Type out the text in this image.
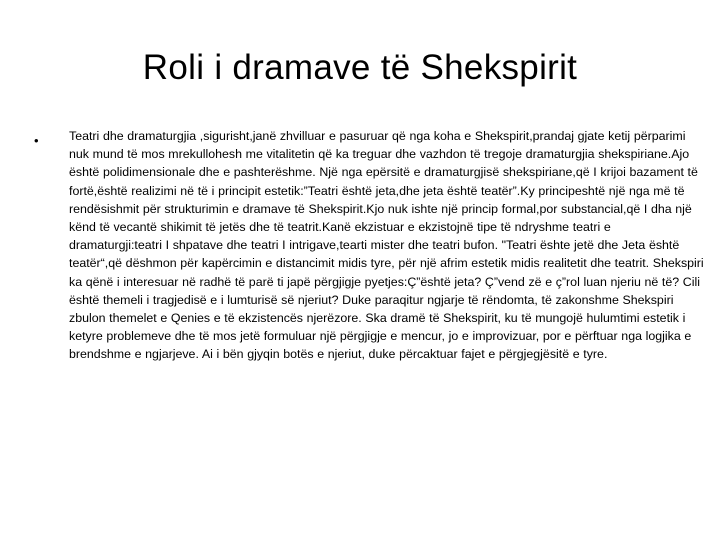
Roli i dramave të Shekspirit
• Teatri dhe dramaturgjia ,sigurisht,janë zhvilluar e pasuruar që nga koha e Shekspirit,prandaj gjate ketij përparimi nuk mund të mos mrekullohesh me vitalitetin që ka treguar dhe vazhdon të tregoje dramaturgjia shekspiriane.Ajo është polidimensionale dhe e pashterëshme. Një nga epërsitë e dramaturgjisë shekspiriane,që I krijoi bazament të fortë,është realizimi në të i principit estetik:”Teatri është jeta,dhe jeta është teatër”.Ky principeshtë një nga më të rendësishmit për strukturimin e dramave të Shekspirit.Kjo nuk ishte një princip formal,por substancial,që I dha një kënd të vecantë shikimit të jetës dhe të teatrit.Kanë ekzistuar e ekzistojnë tipe të ndryshme teatri e dramaturgji:teatri I shpatave dhe teatri I intrigave,tearti mister dhe teatri bufon. "Teatri ështe jetë dhe Jeta është teatër“,që dëshmon për kapërcimin e distancimit midis tyre, për një afrim estetik midis realitetit dhe teatrit. Shekspiri ka qënë i interesuar në radhë të parë ti japë përgjigje pyetjes:Ç”është jeta? Ç”vend zë e ç”rol luan njeriu në të? Cili është themeli i tragjedisë e i lumturisë së njeriut? Duke paraqitur ngjarje të rëndomta, të zakonshme Shekspiri zbulon themelet e Qenies e të ekzistencës njerëzore. Ska dramë të Shekspirit, ku të mungojë hulumtimi estetik i ketyre problemeve dhe të mos jetë formuluar një përgjigje e mencur, jo e improvizuar, por e përftuar nga logjika e brendshme e ngjarjeve. Ai i bën gjyqin botës e njeriut, duke përcaktuar fajet e përgjegjësitë e tyre.
